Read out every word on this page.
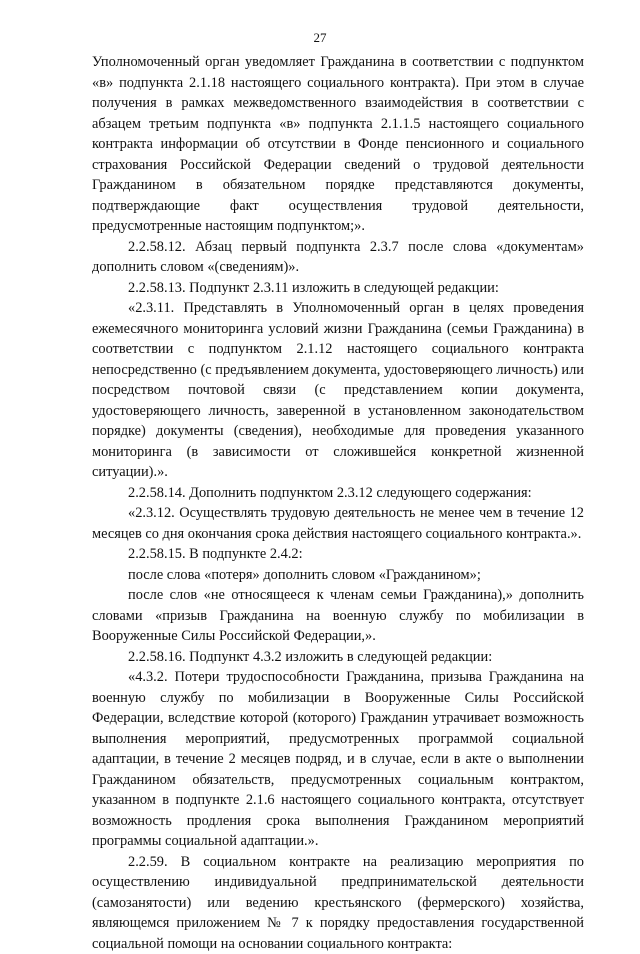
27

Уполномоченный орган уведомляет Гражданина в соответствии с подпунктом «в» подпункта 2.1.18 настоящего социального контракта). При этом в случае получения в рамках межведомственного взаимодействия в соответствии с абзацем третьим подпункта «в» подпункта 2.1.1.5 настоящего социального контракта информации об отсутствии в Фонде пенсионного и социального страхования Российской Федерации сведений о трудовой деятельности Гражданином в обязательном порядке представляются документы, подтверждающие факт осуществления трудовой деятельности, предусмотренные настоящим подпунктом;».

2.2.58.12. Абзац первый подпункта 2.3.7 после слова «документам» дополнить словом «(сведениям)».

2.2.58.13. Подпункт 2.3.11 изложить в следующей редакции:

«2.3.11. Представлять в Уполномоченный орган в целях проведения ежемесячного мониторинга условий жизни Гражданина (семьи Гражданина) в соответствии с подпунктом 2.1.12 настоящего социального контракта непосредственно (с предъявлением документа, удостоверяющего личность) или посредством почтовой связи (с представлением копии документа, удостоверяющего личность, заверенной в установленном законодательством порядке) документы (сведения), необходимые для проведения указанного мониторинга (в зависимости от сложившейся конкретной жизненной ситуации).».

2.2.58.14. Дополнить подпунктом 2.3.12 следующего содержания:

«2.3.12. Осуществлять трудовую деятельность не менее чем в течение 12 месяцев со дня окончания срока действия настоящего социального контракта.».

2.2.58.15. В подпункте 2.4.2:

после слова «потеря» дополнить словом «Гражданином»;

после слов «не относящееся к членам семьи Гражданина),» дополнить словами «призыв Гражданина на военную службу по мобилизации в Вооруженные Силы Российской Федерации,».

2.2.58.16. Подпункт 4.3.2 изложить в следующей редакции:

«4.3.2. Потери трудоспособности Гражданина, призыва Гражданина на военную службу по мобилизации в Вооруженные Силы Российской Федерации, вследствие которой (которого) Гражданин утрачивает возможность выполнения мероприятий, предусмотренных программой социальной адаптации, в течение 2 месяцев подряд, и в случае, если в акте о выполнении Гражданином обязательств, предусмотренных социальным контрактом, указанном в подпункте 2.1.6 настоящего социального контракта, отсутствует возможность продления срока выполнения Гражданином мероприятий программы социальной адаптации.».

2.2.59. В социальном контракте на реализацию мероприятия по осуществлению индивидуальной предпринимательской деятельности (самозанятости) или ведению крестьянского (фермерского) хозяйства, являющемся приложением № 7 к порядку предоставления государственной социальной помощи на основании социального контракта:
